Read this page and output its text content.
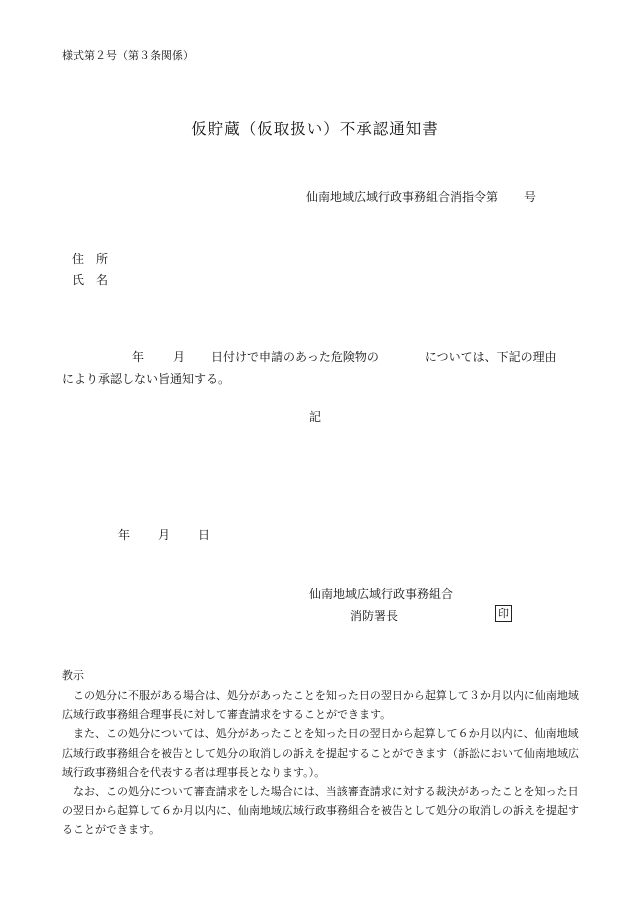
様式第２号（第３条関係）
仮貯蔵（仮取扱い）不承認通知書
仙南地域広域行政事務組合消指令第 号
住　所
氏　名
年 月 日付けで申請のあった危険物の	については、下記の理由
により承認しない旨通知する。
記
年 月 日
仙南地域広域行政事務組合
消防署長	印
教示

　この処分に不服がある場合は、処分があったことを知った日の翌日から起算して３か月以内に仙南地域広域行政事務組合理事長に対して審査請求をすることができます。

　また、この処分については、処分があったことを知った日の翌日から起算して６か月以内に、仙南地域広域行政事務組合を被告として処分の取消しの訴えを提起することができます（訴訟において仙南地域広域行政事務組合を代表する者は理事長となります。）。

　なお、この処分について審査請求をした場合には、当該審査請求に対する裁決があったことを知った日の翌日から起算して６か月以内に、仙南地域広域行政事務組合を被告として処分の取消しの訴えを提起することができます。
